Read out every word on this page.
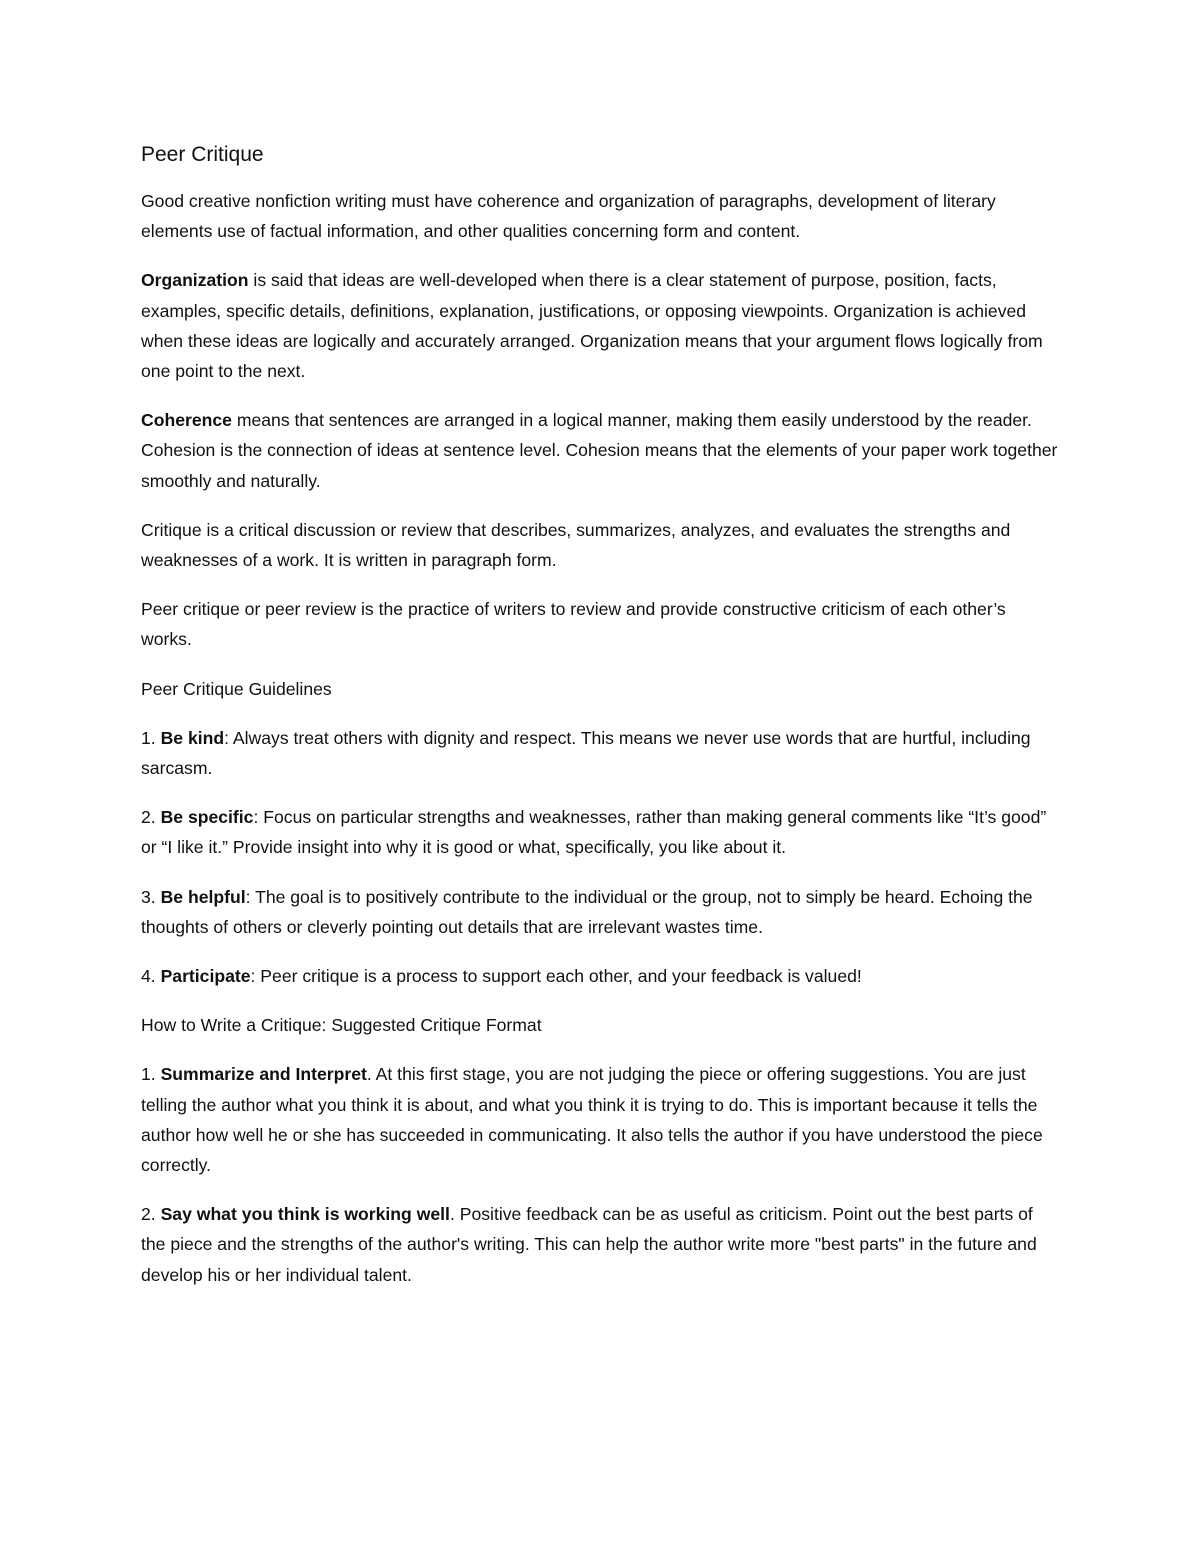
Peer Critique

Good creative nonfiction writing must have coherence and organization of paragraphs, development of literary elements use of factual information, and other qualities concerning form and content.

Organization is said that ideas are well-developed when there is a clear statement of purpose, position, facts, examples, specific details, definitions, explanation, justifications, or opposing viewpoints. Organization is achieved when these ideas are logically and accurately arranged. Organization means that your argument flows logically from one point to the next.

Coherence means that sentences are arranged in a logical manner, making them easily understood by the reader. Cohesion is the connection of ideas at sentence level. Cohesion means that the elements of your paper work together smoothly and naturally.

Critique is a critical discussion or review that describes, summarizes, analyzes, and evaluates the strengths and weaknesses of a work. It is written in paragraph form.

Peer critique or peer review is the practice of writers to review and provide constructive criticism of each other’s works.

Peer Critique Guidelines

1. Be kind: Always treat others with dignity and respect. This means we never use words that are hurtful, including sarcasm.

2. Be specific: Focus on particular strengths and weaknesses, rather than making general comments like “It’s good” or “I like it.” Provide insight into why it is good or what, specifically, you like about it.

3. Be helpful: The goal is to positively contribute to the individual or the group, not to simply be heard. Echoing the thoughts of others or cleverly pointing out details that are irrelevant wastes time.

4. Participate: Peer critique is a process to support each other, and your feedback is valued!

How to Write a Critique: Suggested Critique Format

1. Summarize and Interpret. At this first stage, you are not judging the piece or offering suggestions. You are just telling the author what you think it is about, and what you think it is trying to do. This is important because it tells the author how well he or she has succeeded in communicating. It also tells the author if you have understood the piece correctly.

2. Say what you think is working well. Positive feedback can be as useful as criticism. Point out the best parts of the piece and the strengths of the author's writing. This can help the author write more "best parts" in the future and develop his or her individual talent.
